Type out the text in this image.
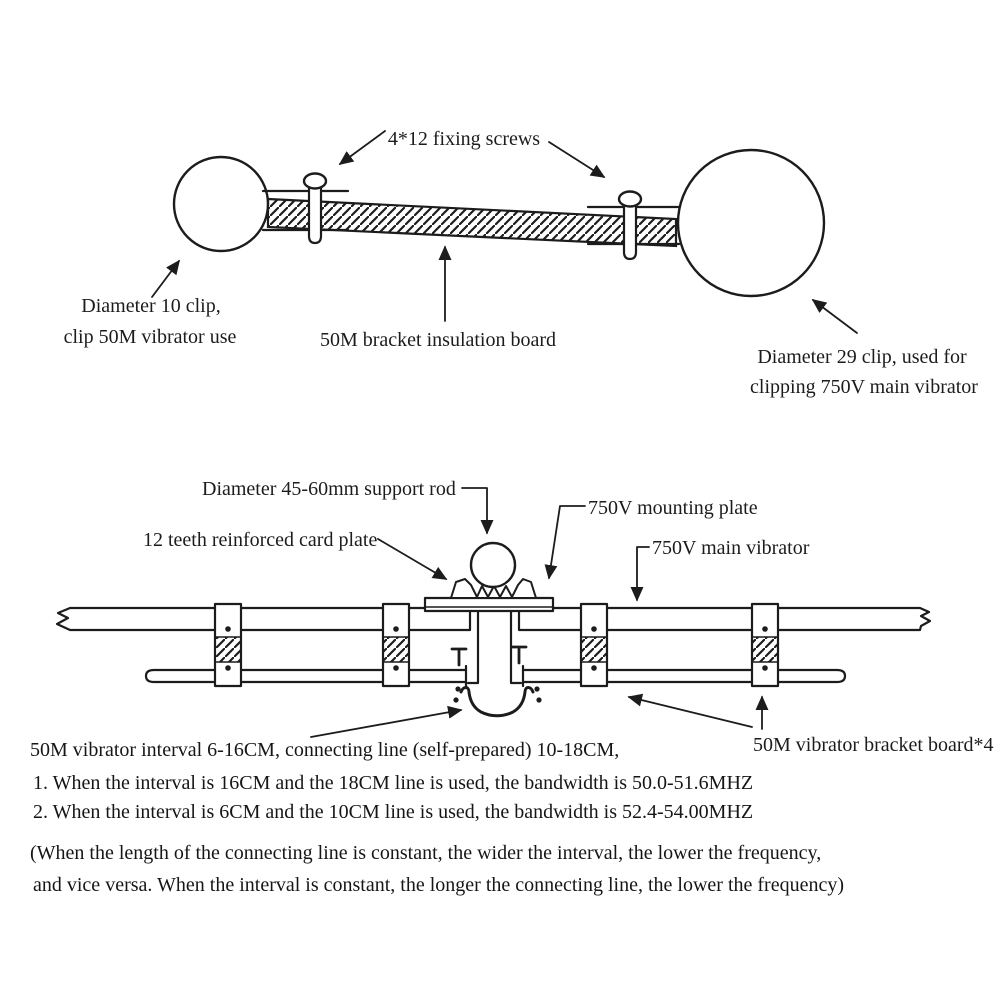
4*12 fixing screws
Diameter 10 clip,
clip 50M vibrator use	50M bracket insulation board
Diameter 29 clip, used for
clipping 750V main vibrator
Diameter 45-60mm support rod
12 teeth reinforced card plate
750V mounting plate
750V main vibrator
50M vibrator bracket board*4
50M vibrator interval 6-16CM, connecting line (self-prepared) 10-18CM,
1. When the interval is 16CM and the 18CM line is used, the bandwidth is 50.0-51.6MHZ
2. When the interval is 6CM and the 10CM line is used, the bandwidth is 52.4-54.00MHZ
(When the length of the connecting line is constant, the wider the interval, the lower the frequency,
and vice versa. When the interval is constant, the longer the connecting line, the lower the frequency)
